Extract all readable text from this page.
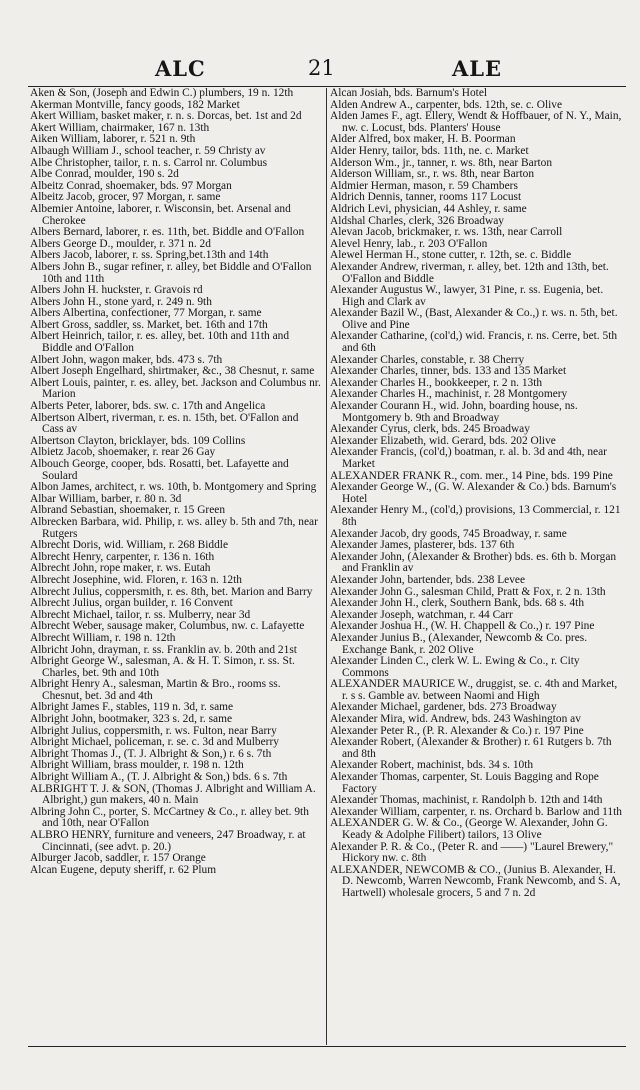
ALC	21	ALE

Aken & Son, (Joseph and Edwin C.) plumbers, 19 n. 12th

Akerman Montville, fancy goods, 182 Market

Akert William, basket maker, r. n. s. Dorcas, bet. 1st and 2d

Akert William, chairmaker, 167 n. 13th

Aiken William, laborer, r. 521 n. 9th

Albaugh William J., school teacher, r. 59 Christy av

Albe Christopher, tailor, r. n. s. Carrol nr. Columbus

Albe Conrad, moulder, 190 s. 2d

Albeitz Conrad, shoemaker, bds. 97 Morgan

Albeitz Jacob, grocer, 97 Morgan, r. same

Albemier Antoine, laborer, r. Wisconsin, bet. Arsenal and Cherokee

Albers Bernard, laborer, r. es. 11th, bet. Biddle and O'Fallon

Albers George D., moulder, r. 371 n. 2d

Albers Jacob, laborer, r. ss. Spring,bet.13th and 14th

Albers John B., sugar refiner, r. alley, bet Biddle and O'Fallon 10th and 11th

Albers John H. huckster, r. Gravois rd

Albers John H., stone yard, r. 249 n. 9th

Albers Albertina, confectioner, 77 Morgan, r. same

Albert Gross, saddler, ss. Market, bet. 16th and 17th

Albert Heinrich, tailor, r. es. alley, bet. 10th and 11th and Biddle and O'Fallon

Albert John, wagon maker, bds. 473 s. 7th

Albert Joseph Engelhard, shirtmaker, &c., 38 Chesnut, r. same

Albert Louis, painter, r. es. alley, bet. Jackson and Columbus nr. Marion

Alberts Peter, laborer, bds. sw. c. 17th and Angelica

Albertson Albert, riverman, r. es. n. 15th, bet. O'Fallon and Cass av

Albertson Clayton, bricklayer, bds. 109 Collins

Albietz Jacob, shoemaker, r. rear 26 Gay

Albouch George, cooper, bds. Rosatti, bet. Lafayette and Soulard

Albon James, architect, r. ws. 10th, b. Montgomery and Spring

Albar William, barber, r. 80 n. 3d

Albrand Sebastian, shoemaker, r. 15 Green

Albrecken Barbara, wid. Philip, r. ws. alley b. 5th and 7th, near Rutgers

Albrecht Doris, wid. William, r. 268 Biddle

Albrecht Henry, carpenter, r. 136 n. 16th

Albrecht John, rope maker, r. ws. Eutah

Albrecht Josephine, wid. Floren, r. 163 n. 12th

Albrecht Julius, coppersmith, r. es. 8th, bet. Marion and Barry

Albrecht Julius, organ builder, r. 16 Convent

Albrecht Michael, tailor, r. ss. Mulberry, near 3d

Albrecht Weber, sausage maker, Columbus, nw. c. Lafayette

Albrecht William, r. 198 n. 12th

Albricht John, drayman, r. ss. Franklin av. b. 20th and 21st

Albright George W., salesman, A. & H. T. Simon, r. ss. St. Charles, bet. 9th and 10th

Albright Henry A., salesman, Martin & Bro., rooms ss. Chesnut, bet. 3d and 4th

Albright James F., stables, 119 n. 3d, r. same

Albright John, bootmaker, 323 s. 2d, r. same

Albright Julius, coppersmith, r. ws. Fulton, near Barry

Albright Michael, policeman, r. se. c. 3d and Mulberry

Albright Thomas J., (T. J. Albright & Son,) r. 6 s. 7th

Albright William, brass moulder, r. 198 n. 12th

Albright William A., (T. J. Albright & Son,) bds. 6 s. 7th

ALBRIGHT T. J. & SON, (Thomas J. Albright and William A. Albright,) gun makers, 40 n. Main

Albring John C., porter, S. McCartney & Co., r. alley bet. 9th and 10th, near O'Fallon

ALBRO HENRY, furniture and veneers, 247 Broadway, r. at Cincinnati, (see advt. p. 20.)

Alburger Jacob, saddler, r. 157 Orange

Alcan Eugene, deputy sheriff, r. 62 Plum

Alcan Josiah, bds. Barnum's Hotel

Alden Andrew A., carpenter, bds. 12th, se. c. Olive

Alden James F., agt. Ellery, Wendt & Hoffbauer, of N. Y., Main, nw. c. Locust, bds. Planters' House

Alder Alfred, box maker, H. B. Poorman

Alder Henry, tailor, bds. 11th, ne. c. Market

Alderson Wm., jr., tanner, r. ws. 8th, near Barton

Alderson William, sr., r. ws. 8th, near Barton

Aldmier Herman, mason, r. 59 Chambers

Aldrich Dennis, tanner, rooms 117 Locust

Aldrich Levi, physician, 44 Ashley, r. same

Aldshal Charles, clerk, 326 Broadway

Alevan Jacob, brickmaker, r. ws. 13th, near Carroll

Alevel Henry, lab., r. 203 O'Fallon

Alewel Herman H., stone cutter, r. 12th, se. c. Biddle

Alexander Andrew, riverman, r. alley, bet. 12th and 13th, bet. O'Fallon and Biddle

Alexander Augustus W., lawyer, 31 Pine, r. ss. Eugenia, bet. High and Clark av

Alexander Bazil W., (Bast, Alexander & Co.,) r. ws. n. 5th, bet. Olive and Pine

Alexander Catharine, (col'd,) wid. Francis, r. ns. Cerre, bet. 5th and 6th

Alexander Charles, constable, r. 38 Cherry

Alexander Charles, tinner, bds. 133 and 135 Market

Alexander Charles H., bookkeeper, r. 2 n. 13th

Alexander Charles H., machinist, r. 28 Montgomery

Alexander Courann H., wid. John, boarding house, ns. Montgomery b. 9th and Broadway

Alexander Cyrus, clerk, bds. 245 Broadway

Alexander Elizabeth, wid. Gerard, bds. 202 Olive

Alexander Francis, (col'd,) boatman, r. al. b. 3d and 4th, near Market

ALEXANDER FRANK R., com. mer., 14 Pine, bds. 199 Pine

Alexander George W., (G. W. Alexander & Co.) bds. Barnum's Hotel

Alexander Henry M., (col'd,) provisions, 13 Commercial, r. 121 8th

Alexander Jacob, dry goods, 745 Broadway, r. same

Alexander James, plasterer, bds. 137 6th

Alexander John, (Alexander & Brother) bds. es. 6th b. Morgan and Franklin av

Alexander John, bartender, bds. 238 Levee

Alexander John G., salesman Child, Pratt & Fox, r. 2 n. 13th

Alexander John H., clerk, Southern Bank, bds. 68 s. 4th

Alexander Joseph, watchman, r. 44 Carr

Alexander Joshua H., (W. H. Chappell & Co.,) r. 197 Pine

Alexander Junius B., (Alexander, Newcomb & Co. pres. Exchange Bank, r. 202 Olive

Alexander Linden C., clerk W. L. Ewing & Co., r. City Commons

ALEXANDER MAURICE W., druggist, se. c. 4th and Market, r. s s. Gamble av. between Naomi and High

Alexander Michael, gardener, bds. 273 Broadway

Alexander Mira, wid. Andrew, bds. 243 Washington av

Alexander Peter R., (P. R. Alexander & Co.) r. 197 Pine

Alexander Robert, (Alexander & Brother) r. 61 Rutgers b. 7th and 8th

Alexander Robert, machinist, bds. 34 s. 10th

Alexander Thomas, carpenter, St. Louis Bagging and Rope Factory

Alexander Thomas, machinist, r. Randolph b. 12th and 14th

Alexander William, carpenter, r. ns. Orchard b. Barlow and 11th

ALEXANDER G. W. & Co., (George W. Alexander, John G. Keady & Adolphe Filibert) tailors, 13 Olive

Alexander P. R. & Co., (Peter R. and ——) "Laurel Brewery," Hickory nw. c. 8th

ALEXANDER, NEWCOMB & CO., (Junius B. Alexander, H. D. Newcomb, Warren Newcomb, Frank Newcomb, and S. A, Hartwell) wholesale grocers, 5 and 7 n. 2d
